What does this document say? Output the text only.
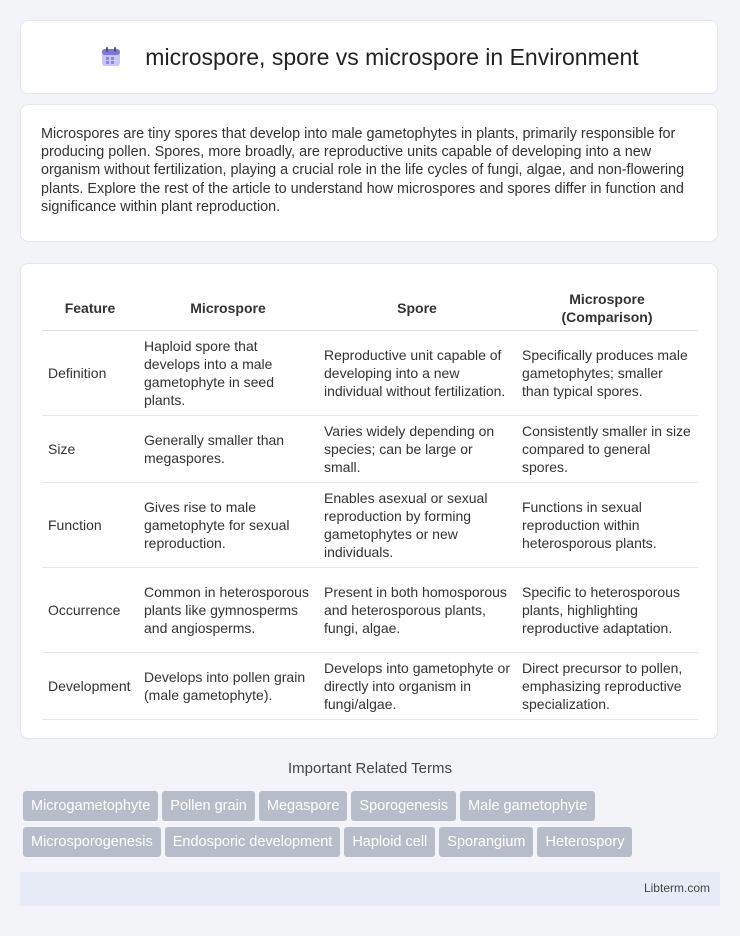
microspore, spore vs microspore in Environment

Microspores are tiny spores that develop into male gametophytes in plants, primarily responsible for producing pollen. Spores, more broadly, are reproductive units capable of developing into a new organism without fertilization, playing a crucial role in the life cycles of fungi, algae, and non-flowering plants. Explore the rest of the article to understand how microspores and spores differ in function and significance within plant reproduction.

Feature	Microspore	Spore	Microspore (Comparison)
Definition	Haploid spore that develops into a male gametophyte in seed plants.	Reproductive unit capable of developing into a new individual without fertilization.	Specifically produces male gametophytes; smaller than typical spores.
Size	Generally smaller than megaspores.	Varies widely depending on species; can be large or small.	Consistently smaller in size compared to general spores.
Function	Gives rise to male gametophyte for sexual reproduction.	Enables asexual or sexual reproduction by forming gametophytes or new individuals.	Functions in sexual reproduction within heterosporous plants.
Occurrence	Common in heterosporous plants like gymnosperms and angiosperms.	Present in both homosporous and heterosporous plants, fungi, algae.	Specific to heterosporous plants, highlighting reproductive adaptation.
Development	Develops into pollen grain (male gametophyte).	Develops into gametophyte or directly into organism in fungi/algae.	Direct precursor to pollen, emphasizing reproductive specialization.
Important Related Terms
Microgametophyte Pollen grain Megaspore Sporogenesis Male gametophyte
Microsporogenesis Endosporic development Haploid cell Sporangium Heterospory
Libterm.com
